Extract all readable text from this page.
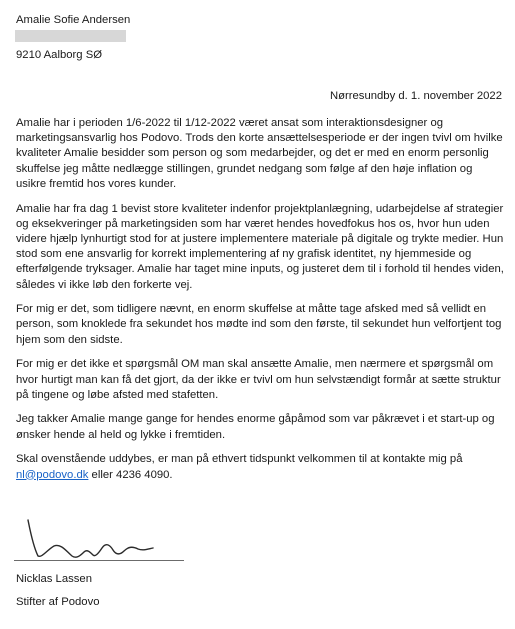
Amalie Sofie Andersen
9210 Aalborg SØ
Nørresundby d. 1. november 2022

Amalie har i perioden 1/6-2022 til 1/12-2022 været ansat som interaktionsdesigner og marketingsansvarlig hos Podovo. Trods den korte ansættelsesperiode er der ingen tvivl om hvilke kvaliteter Amalie besidder som person og som medarbejder, og det er med en enorm personlig skuffelse jeg måtte nedlægge stillingen, grundet nedgang som følge af den høje inflation og usikre fremtid hos vores kunder.

Amalie har fra dag 1 bevist store kvaliteter indenfor projektplanlægning, udarbejdelse af strategier og eksekveringer på marketingsiden som har været hendes hovedfokus hos os, hvor hun uden videre hjælp lynhurtigt stod for at justere implementere materiale på digitale og trykte medier. Hun stod som ene ansvarlig for korrekt implementering af ny grafisk identitet, ny hjemmeside og efterfølgende tryksager. Amalie har taget mine inputs, og justeret dem til i forhold til hendes viden, således vi ikke løb den forkerte vej.

For mig er det, som tidligere nævnt, en enorm skuffelse at måtte tage afsked med så vellidt en person, som knoklede fra sekundet hos mødte ind som den første, til sekundet hun velfortjent tog hjem som den sidste.

For mig er det ikke et spørgsmål OM man skal ansætte Amalie, men nærmere et spørgsmål om hvor hurtigt man kan få det gjort, da der ikke er tvivl om hun selvstændigt formår at sætte struktur på tingene og løbe afsted med stafetten.

Jeg takker Amalie mange gange for hendes enorme gåpåmod som var påkrævet i et start-up og ønsker hende al held og lykke i fremtiden.

Skal ovenstående uddybes, er man på ethvert tidspunkt velkommen til at kontakte mig på
nl@podovo.dk eller 4236 4090.

Nicklas Lassen
Stifter af Podovo
